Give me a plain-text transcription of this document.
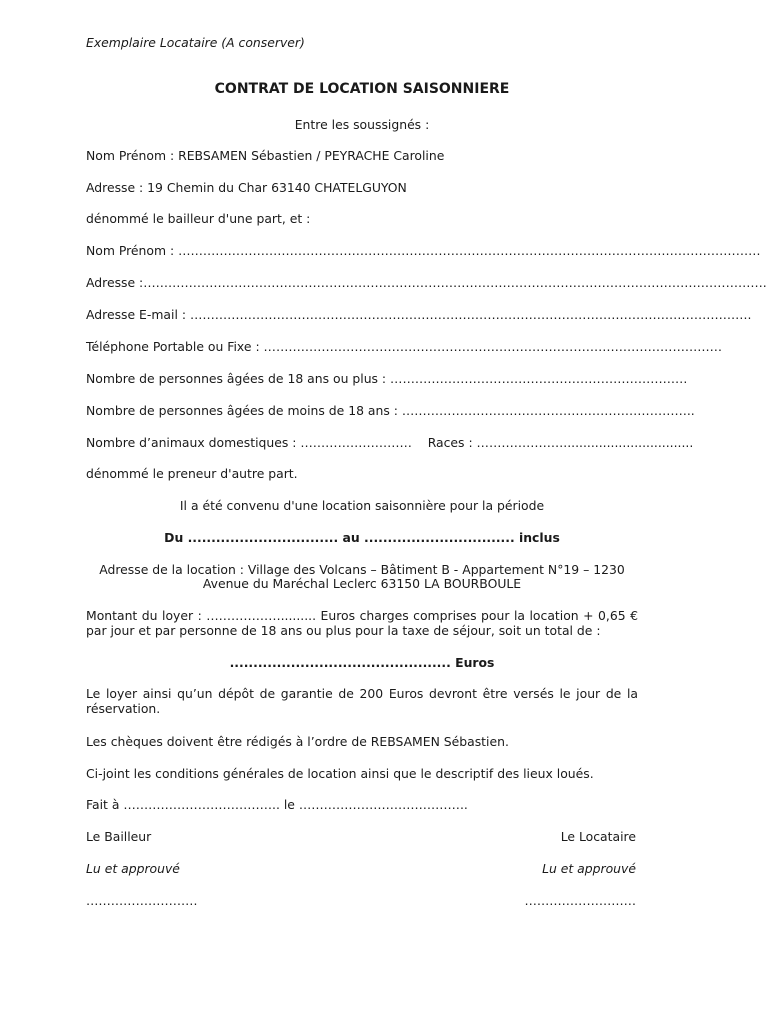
Exemplaire Locataire (A conserver)
CONTRAT DE LOCATION SAISONNIERE
Entre les soussignés :
Nom Prénom : REBSAMEN Sébastien / PEYRACHE Caroline
Adresse : 19 Chemin du Char 63140 CHATELGUYON
dénommé le bailleur d'une part, et :
Nom Prénom : ……………………………………………………………………………………………………………………………
Adresse :…………………………………………………………………………………………………………………………………….
Adresse E-mail : ……………………………………………………………………………………………………………………….
Téléphone Portable ou Fixe : …………………………………………………………………………………………………
Nombre de personnes âgées de 18 ans ou plus : ………………………………………………………………
Nombre de personnes âgées de moins de 18 ans : ……………………………………………………………..
Nombre d’animaux domestiques : ……………………… Races : ………………….................................
dénommé le preneur d'autre part.
Il a été convenu d'une location saisonnière pour la période
Du ................................ au ................................ inclus
Adresse de la location : Village des Volcans – Bâtiment B - Appartement N°19 – 1230
Avenue du Maréchal Leclerc 63150 LA BOURBOULE
Montant du loyer : ………………......... Euros charges comprises pour la location + 0,65 € par jour et par personne de 18 ans ou plus pour la taxe de séjour, soit un total de :
............................................... Euros
Le loyer ainsi qu’un dépôt de garantie de 200 Euros devront être versés le jour de la réservation.
Les chèques doivent être rédigés à l’ordre de REBSAMEN Sébastien.
Ci-joint les conditions générales de location ainsi que le descriptif des lieux loués.
Fait à ……………………………….. le …………………………………..
Le Bailleur	Le Locataire
Lu et approuvé	Lu et approuvé
………………………	………………………
